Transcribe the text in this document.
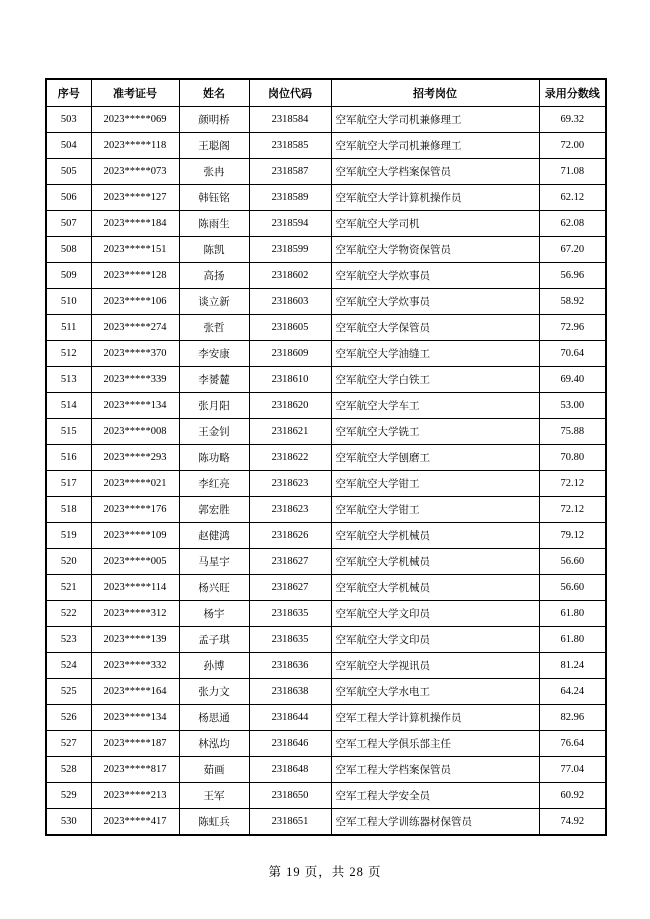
序号	准考证号	姓名	岗位代码	招考岗位	录用分数线
503	2023*****069	颜明桥	2318584	空军航空大学司机兼修理工	69.32
504	2023*****118	王聪阁	2318585	空军航空大学司机兼修理工	72.00
505	2023*****073	张冉	2318587	空军航空大学档案保管员	71.08
506	2023*****127	韩钰铭	2318589	空军航空大学计算机操作员	62.12
507	2023*****184	陈雨生	2318594	空军航空大学司机	62.08
508	2023*****151	陈凯	2318599	空军航空大学物资保管员	67.20
509	2023*****128	高扬	2318602	空军航空大学炊事员	56.96
510	2023*****106	谈立新	2318603	空军航空大学炊事员	58.92
511	2023*****274	张哲	2318605	空军航空大学保管员	72.96
512	2023*****370	李安康	2318609	空军航空大学油缝工	70.64
513	2023*****339	李赟麓	2318610	空军航空大学白铁工	69.40
514	2023*****134	张月阳	2318620	空军航空大学车工	53.00
515	2023*****008	王金钊	2318621	空军航空大学铣工	75.88
516	2023*****293	陈功略	2318622	空军航空大学刨磨工	70.80
517	2023*****021	李红亮	2318623	空军航空大学钳工	72.12
518	2023*****176	郭宏胜	2318623	空军航空大学钳工	72.12
519	2023*****109	赵健鸿	2318626	空军航空大学机械员	79.12
520	2023*****005	马星宇	2318627	空军航空大学机械员	56.60
521	2023*****114	杨兴旺	2318627	空军航空大学机械员	56.60
522	2023*****312	杨宇	2318635	空军航空大学文印员	61.80
523	2023*****139	孟子琪	2318635	空军航空大学文印员	61.80
524	2023*****332	孙博	2318636	空军航空大学视讯员	81.24
525	2023*****164	张力文	2318638	空军航空大学水电工	64.24
526	2023*****134	杨思通	2318644	空军工程大学计算机操作员	82.96
527	2023*****187	林泓均	2318646	空军工程大学俱乐部主任	76.64
528	2023*****817	茹画	2318648	空军工程大学档案保管员	77.04
529	2023*****213	王军	2318650	空军工程大学安全员	60.92
530	2023*****417	陈虹兵	2318651	空军工程大学训练器材保管员	74.92
第 19 页，共 28 页
